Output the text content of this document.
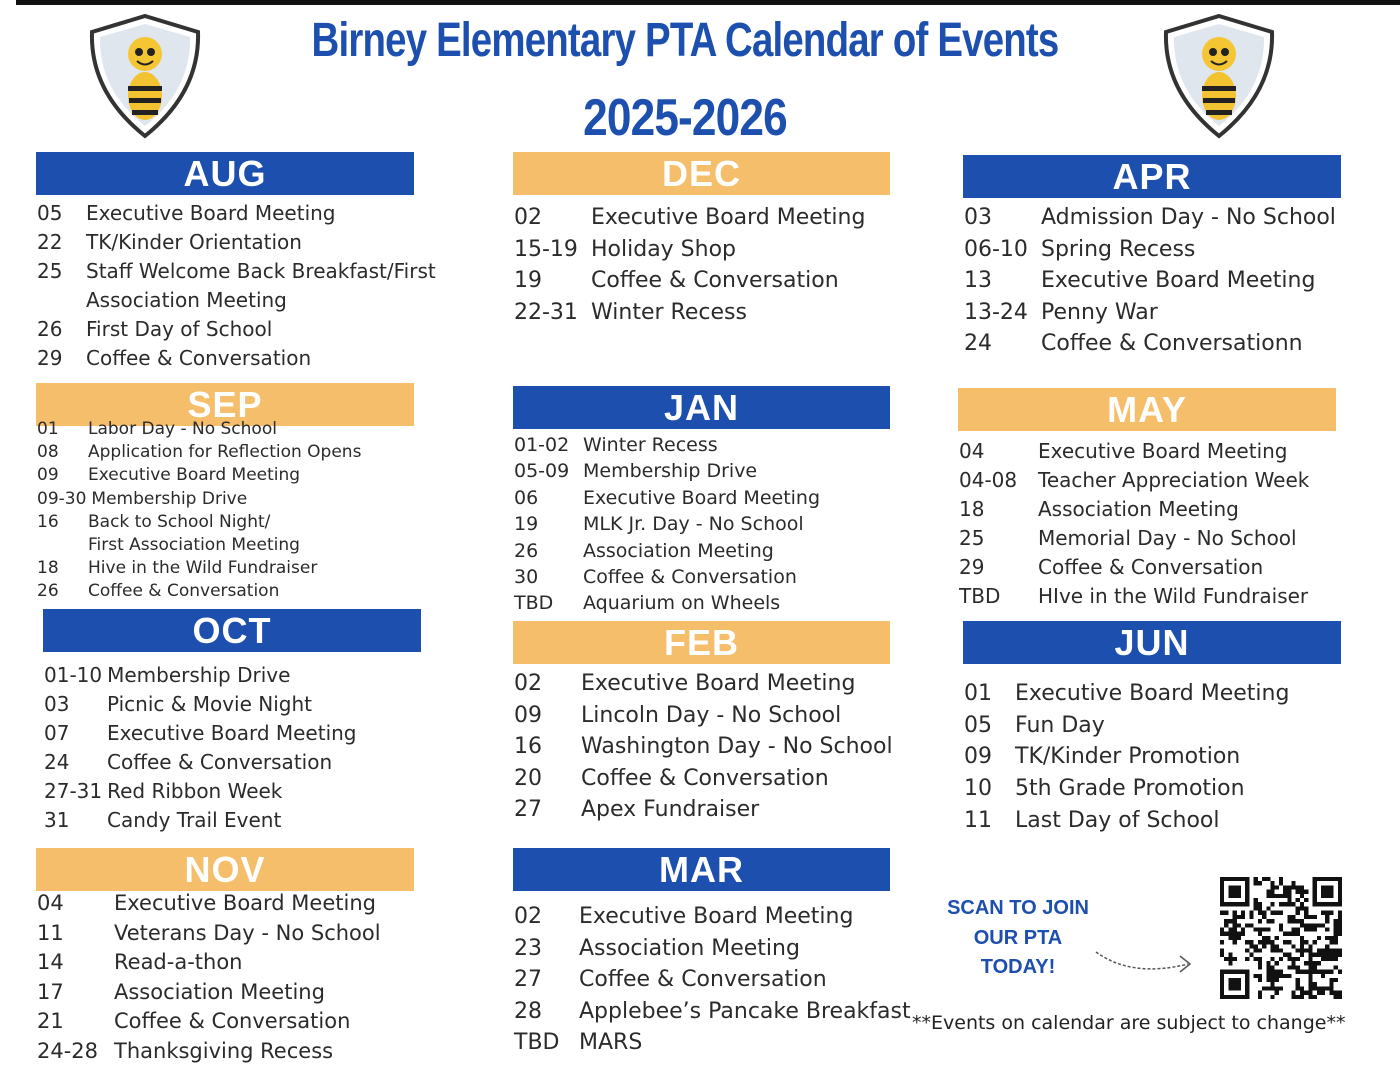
Birney Elementary PTA Calendar of Events
2025-2026
AUG
05	Executive Board Meeting
22	TK/Kinder Orientation
25	Staff Welcome Back Breakfast/First
Association Meeting
26	First Day of School
29	Coffee & Conversation
SEP
01	Labor Day - No School
08	Application for Reflection Opens
09	Executive Board Meeting
09-30 Membership Drive
16	Back to School Night/
First Association Meeting
18	Hive in the Wild Fundraiser
26	Coffee & Conversation
OCT
01-10 Membership Drive
03	Picnic & Movie Night
07	Executive Board Meeting
24	Coffee & Conversation
27-31 Red Ribbon Week
31	Candy Trail Event
NOV
04	Executive Board Meeting
11	Veterans Day - No School
14	Read-a-thon
17	Association Meeting
21	Coffee & Conversation
24-28 Thanksgiving Recess
DEC
02	Executive Board Meeting
15-19 Holiday Shop
19	Coffee & Conversation
22-31 Winter Recess
JAN
01-02 Winter Recess
05-09 Membership Drive
06	Executive Board Meeting
19	MLK Jr. Day - No School
26	Association Meeting
30	Coffee & Conversation
TBD	Aquarium on Wheels
FEB
02	Executive Board Meeting
09	Lincoln Day - No School
16	Washington Day - No School
20	Coffee & Conversation
27	Apex Fundraiser
MAR
02	Executive Board Meeting
23	Association Meeting
27	Coffee & Conversation
28	Applebee’s Pancake Breakfast
TBD MARS
APR
03	Admission Day - No School
06-10 Spring Recess
13	Executive Board Meeting
13-24 Penny War
24	Coffee & Conversationn
MAY
04	Executive Board Meeting
04-08	Teacher Appreciation Week
18	Association Meeting
25	Memorial Day - No School
29	Coffee & Conversation
TBD	HIve in the Wild Fundraiser
JUN
01	Executive Board Meeting
05	Fun Day
09	TK/Kinder Promotion
10	5th Grade Promotion
11	Last Day of School
SCAN TO JOIN
OUR PTA
TODAY!
**Events on calendar are subject to change**
